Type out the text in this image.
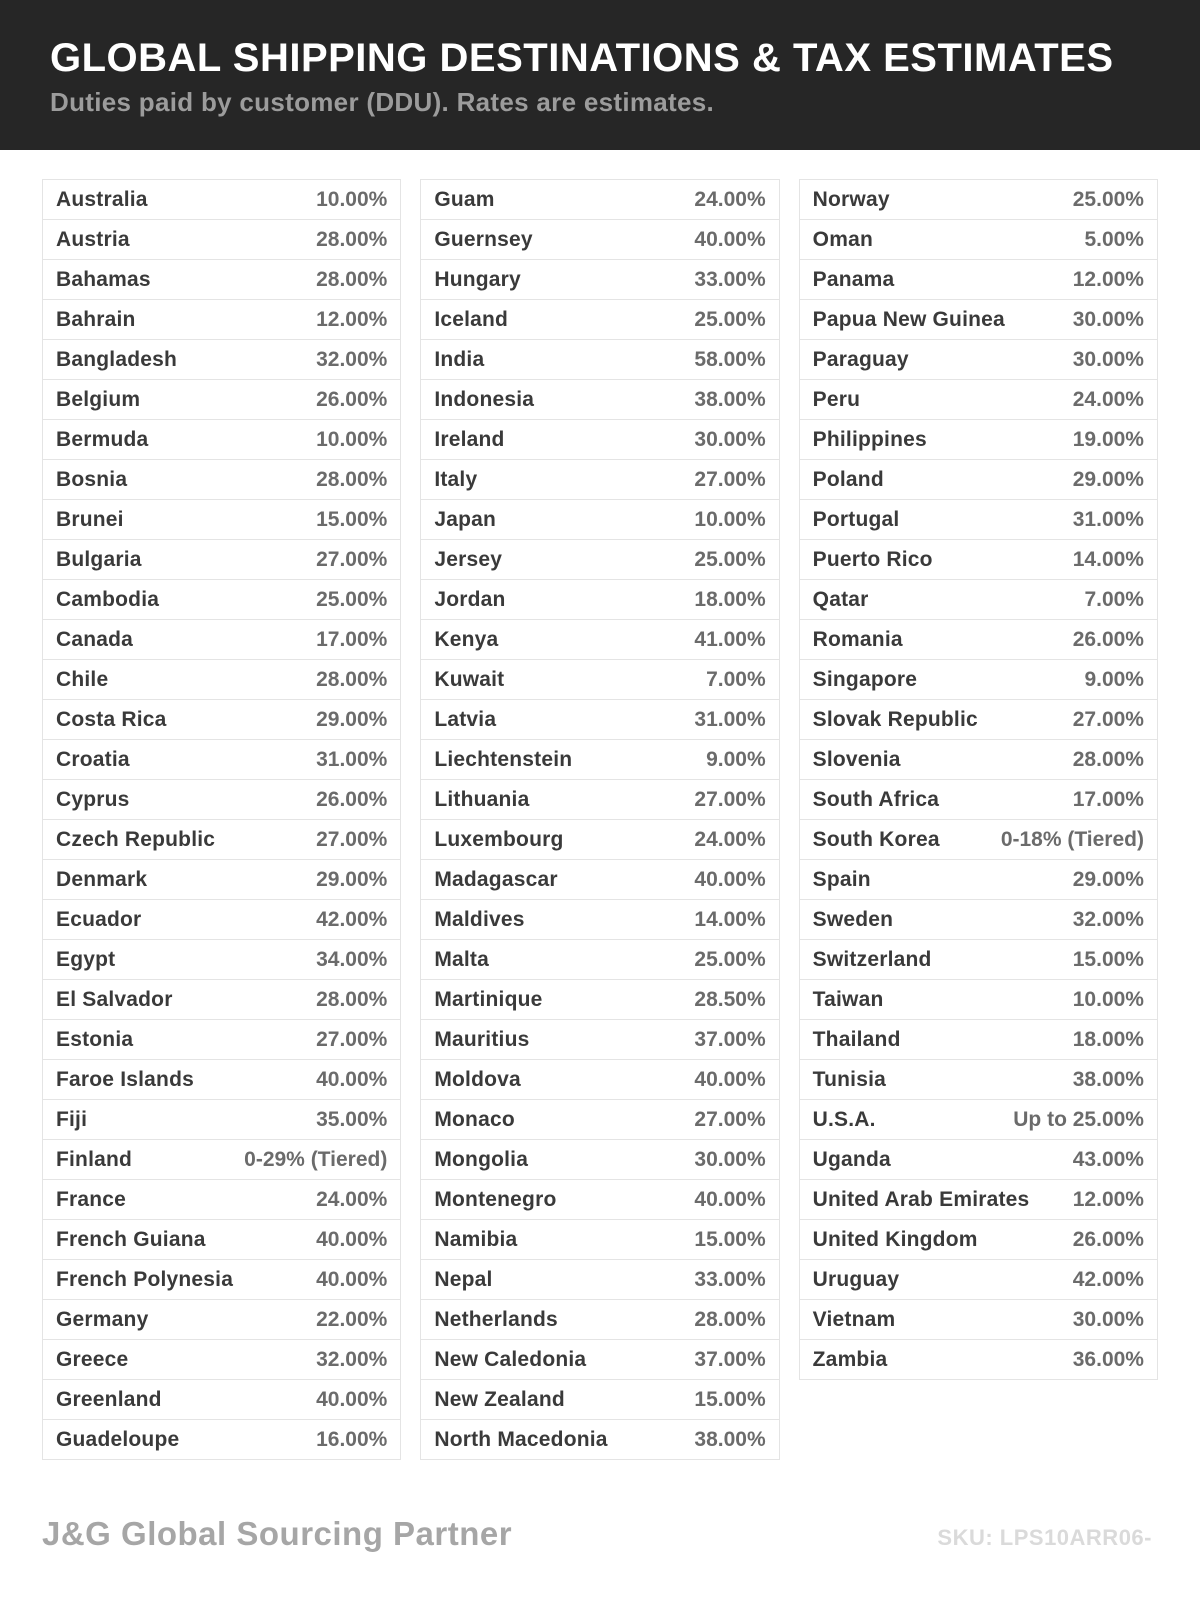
GLOBAL SHIPPING DESTINATIONS & TAX ESTIMATES

Duties paid by customer (DDU). Rates are estimates.

Australia	10.00%
Austria	28.00%
Bahamas	28.00%
Bahrain	12.00%
Bangladesh	32.00%
Belgium	26.00%
Bermuda	10.00%
Bosnia	28.00%
Brunei	15.00%
Bulgaria	27.00%
Cambodia	25.00%
Canada	17.00%
Chile	28.00%
Costa Rica	29.00%
Croatia	31.00%
Cyprus	26.00%
Czech Republic	27.00%
Denmark	29.00%
Ecuador	42.00%
Egypt	34.00%
El Salvador	28.00%
Estonia	27.00%
Faroe Islands	40.00%
Fiji	35.00%
Finland	0-29% (Tiered)
France	24.00%
French Guiana	40.00%
French Polynesia	40.00%
Germany	22.00%
Greece	32.00%
Greenland	40.00%
Guadeloupe	16.00%
Guam	24.00%
Guernsey	40.00%
Hungary	33.00%
Iceland	25.00%
India	58.00%
Indonesia	38.00%
Ireland	30.00%
Italy	27.00%
Japan	10.00%
Jersey	25.00%
Jordan	18.00%
Kenya	41.00%
Kuwait	7.00%
Latvia	31.00%
Liechtenstein	9.00%
Lithuania	27.00%
Luxembourg	24.00%
Madagascar	40.00%
Maldives	14.00%
Malta	25.00%
Martinique	28.50%
Mauritius	37.00%
Moldova	40.00%
Monaco	27.00%
Mongolia	30.00%
Montenegro	40.00%
Namibia	15.00%
Nepal	33.00%
Netherlands	28.00%
New Caledonia	37.00%
New Zealand	15.00%
North Macedonia	38.00%
Norway	25.00%
Oman	5.00%
Panama	12.00%
Papua New Guinea	30.00%
Paraguay	30.00%
Peru	24.00%
Philippines	19.00%
Poland	29.00%
Portugal	31.00%
Puerto Rico	14.00%
Qatar	7.00%
Romania	26.00%
Singapore	9.00%
Slovak Republic	27.00%
Slovenia	28.00%
South Africa	17.00%
South Korea	0-18% (Tiered)
Spain	29.00%
Sweden	32.00%
Switzerland	15.00%
Taiwan	10.00%
Thailand	18.00%
Tunisia	38.00%
U.S.A.	Up to 25.00%
Uganda	43.00%
United Arab Emirates 12.00%
United Kingdom	26.00%
Uruguay	42.00%
Vietnam	30.00%
Zambia	36.00%
J&G Global Sourcing Partner	SKU: LPS10ARR06-
